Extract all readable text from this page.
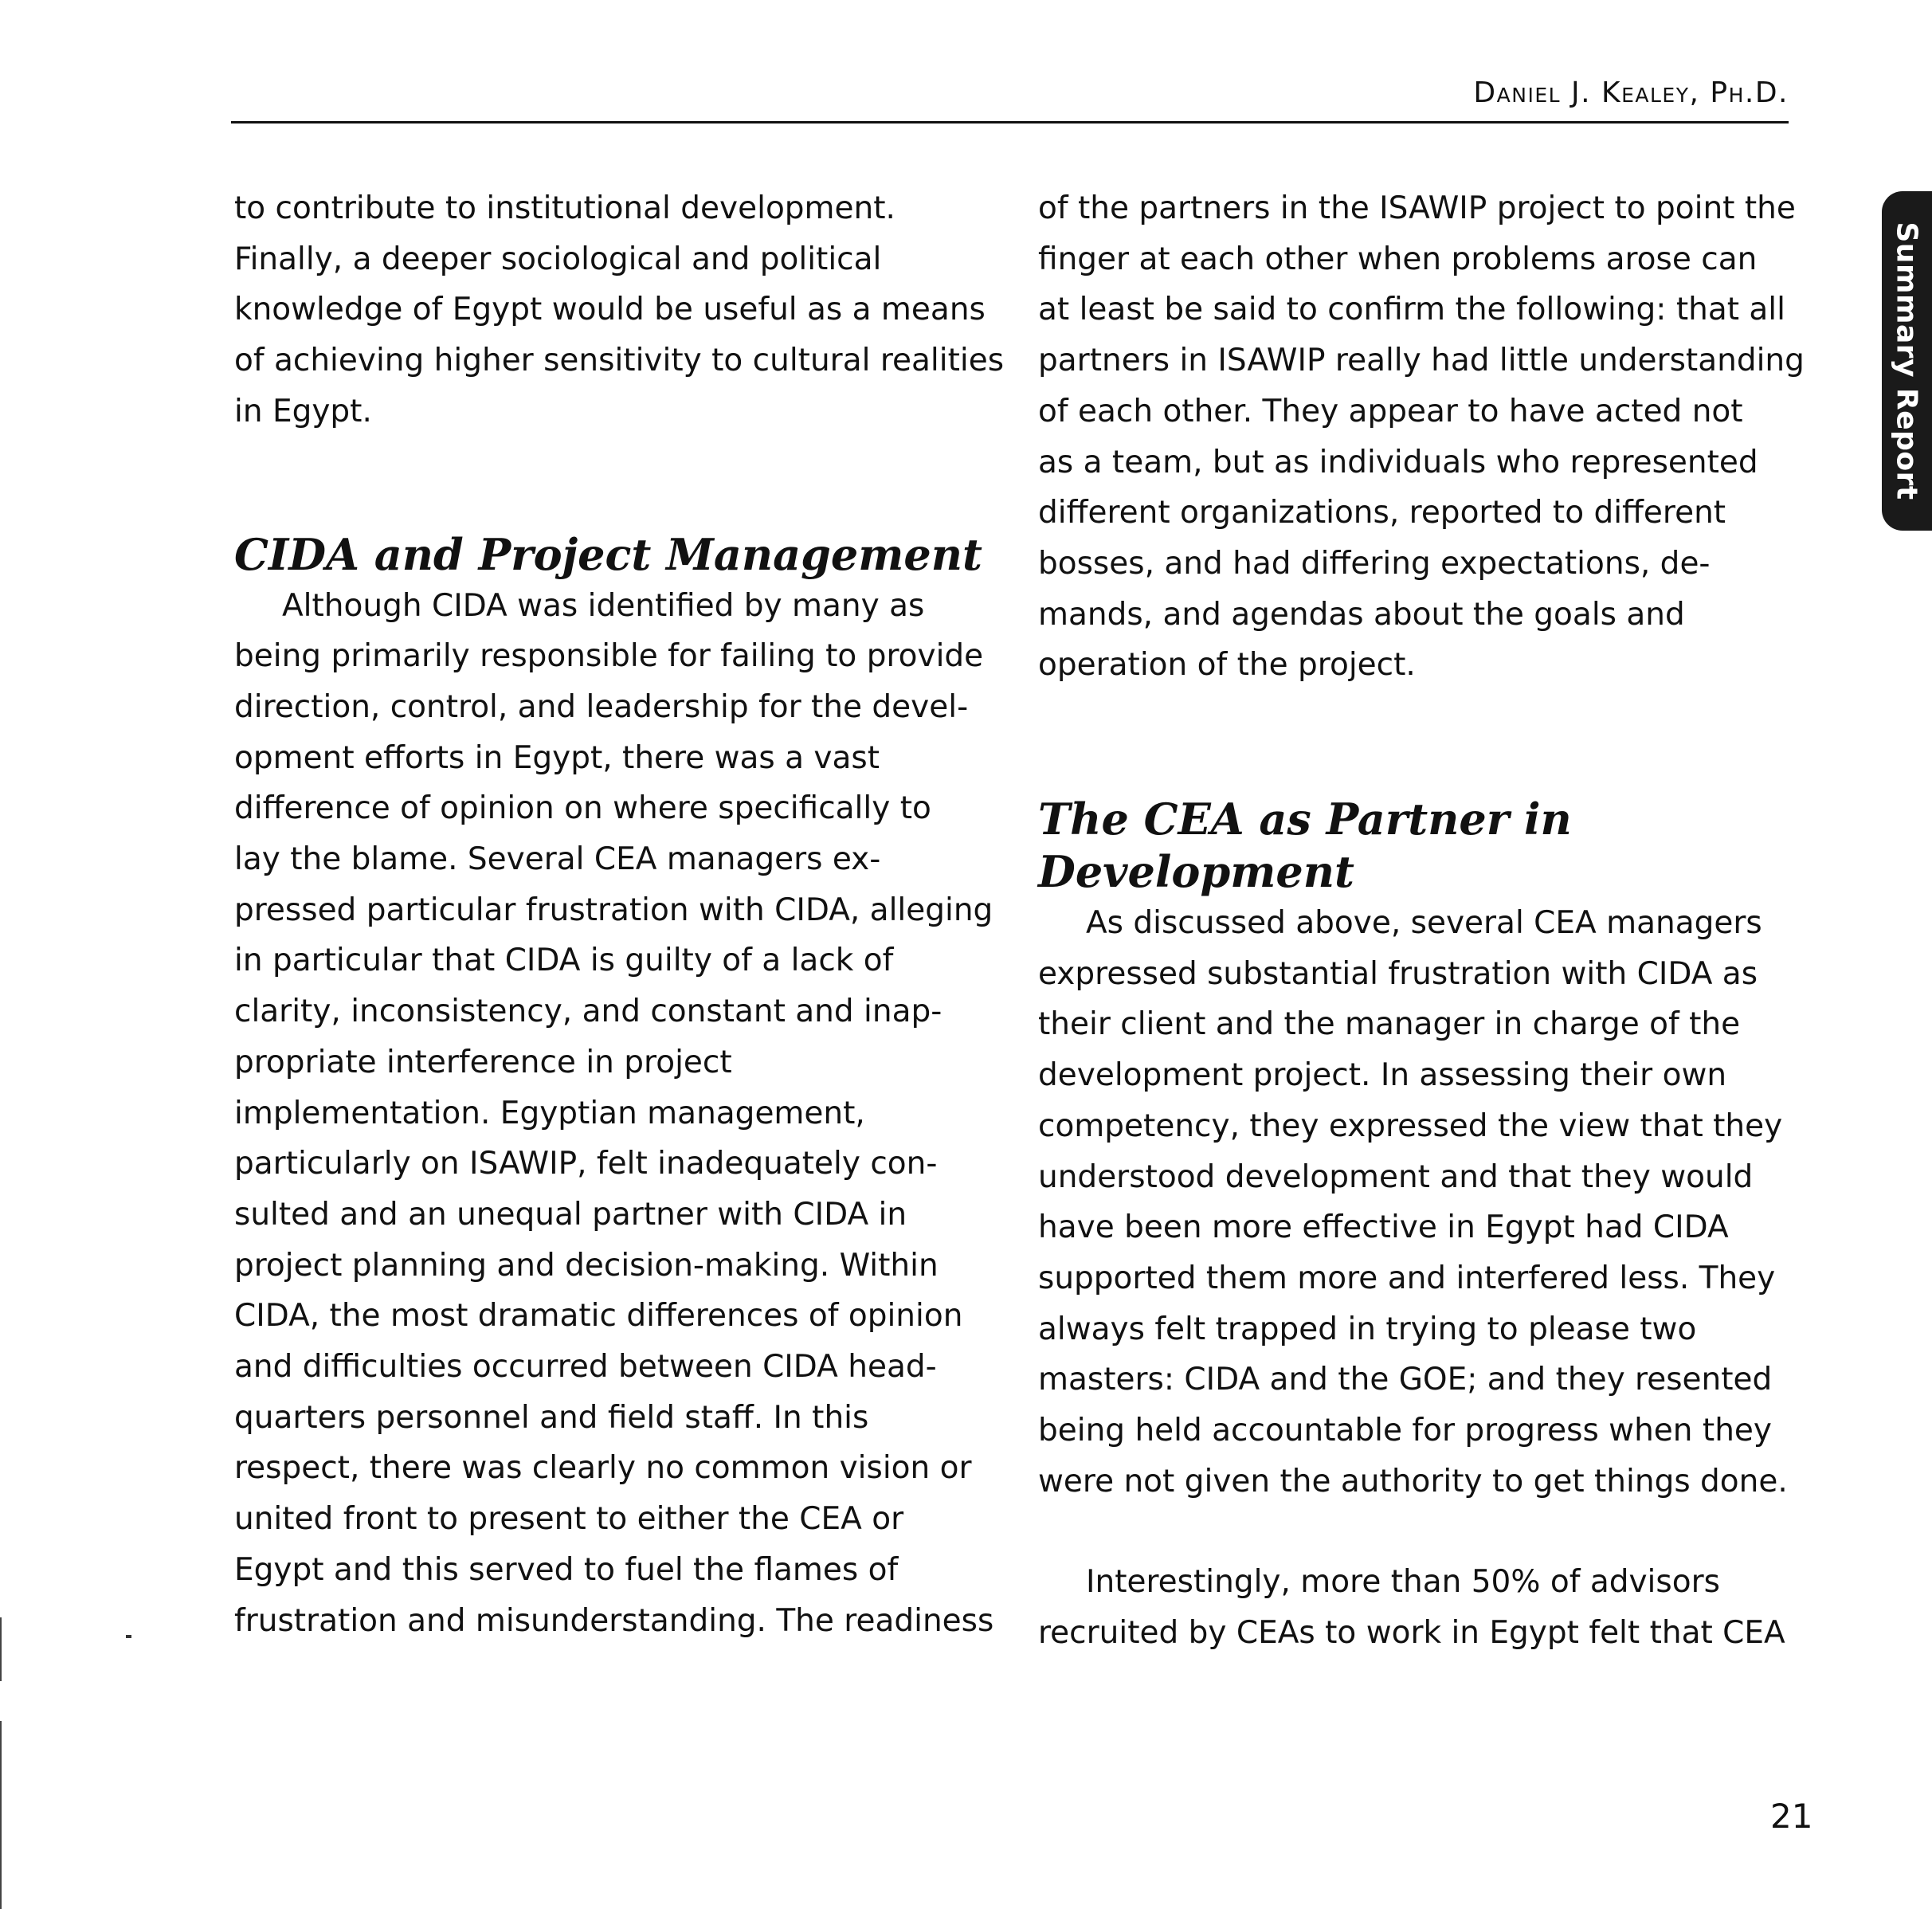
Daniel J. Kealey, Ph.D.
Summary Report
to contribute to institutional development.
Finally, a deeper sociological and political
knowledge of Egypt would be useful as a means
of achieving higher sensitivity to cultural realities
in Egypt.
CIDA and Project Management
Although CIDA was identified by many as
being primarily responsible for failing to provide
direction, control, and leadership for the devel-
opment efforts in Egypt, there was a vast
difference of opinion on where specifically to
lay the blame. Several CEA managers ex-
pressed particular frustration with CIDA, alleging
in particular that CIDA is guilty of a lack of
clarity, inconsistency, and constant and inap-
propriate interference in project
implementation. Egyptian management,
particularly on ISAWIP, felt inadequately con-
sulted and an unequal partner with CIDA in
project planning and decision-making. Within
CIDA, the most dramatic differences of opinion
and difficulties occurred between CIDA head-
quarters personnel and field staff. In this
respect, there was clearly no common vision or
united front to present to either the CEA or
Egypt and this served to fuel the flames of
frustration and misunderstanding. The readiness
of the partners in the ISAWIP project to point the
finger at each other when problems arose can
at least be said to confirm the following: that all
partners in ISAWIP really had little understanding
of each other. They appear to have acted not
as a team, but as individuals who represented
different organizations, reported to different
bosses, and had differing expectations, de-
mands, and agendas about the goals and
operation of the project.
The CEA as Partner in
Development
As discussed above, several CEA managers
expressed substantial frustration with CIDA as
their client and the manager in charge of the
development project. In assessing their own
competency, they expressed the view that they
understood development and that they would
have been more effective in Egypt had CIDA
supported them more and interfered less. They
always felt trapped in trying to please two
masters: CIDA and the GOE; and they resented
being held accountable for progress when they
were not given the authority to get things done.
Interestingly, more than 50% of advisors
recruited by CEAs to work in Egypt felt that CEA
21
